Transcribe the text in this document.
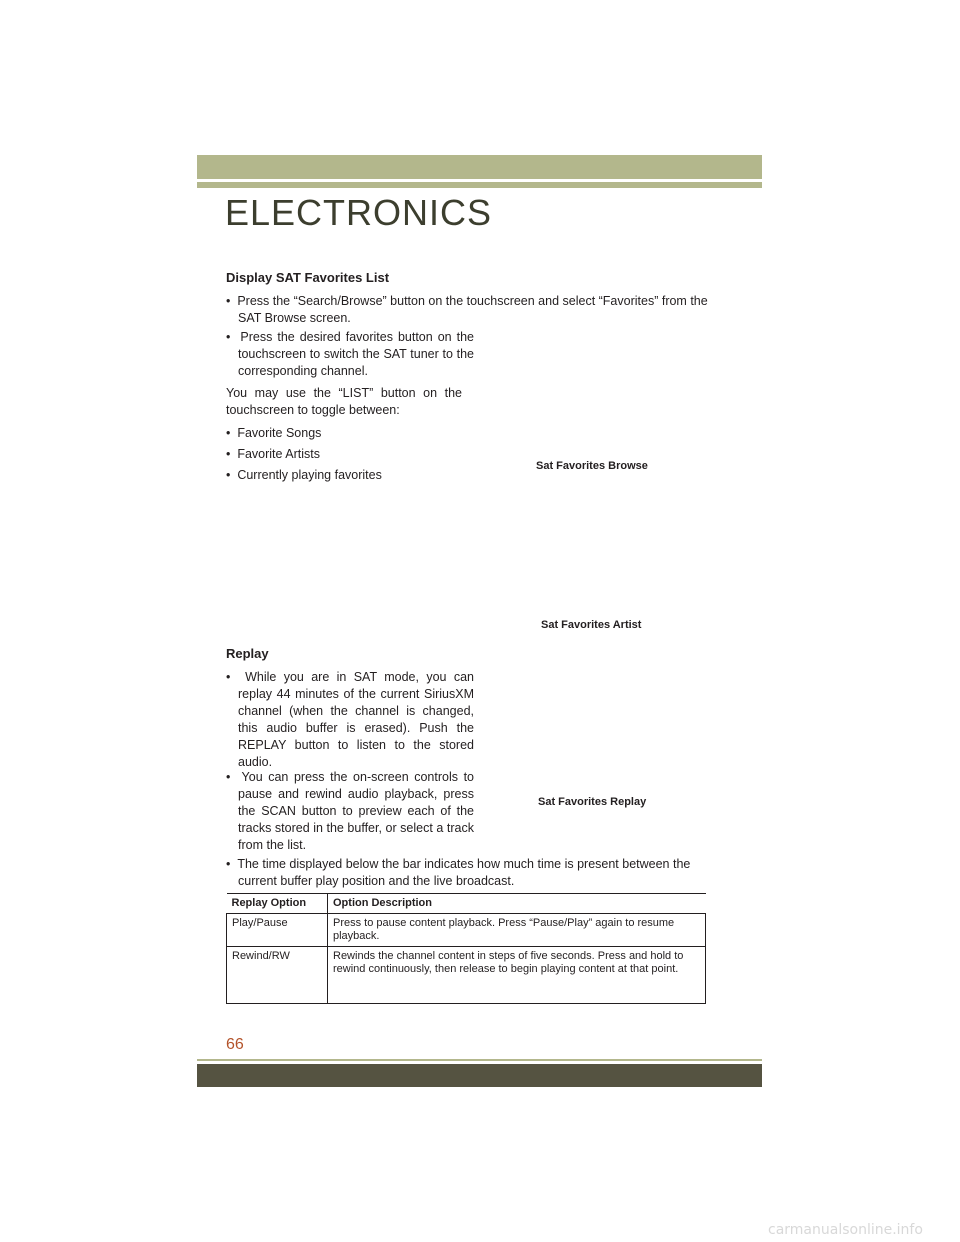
ELECTRONICS
Display SAT Favorites List
•  Press the “Search/Browse” button on the touchscreen and select “Favorites” from the SAT Browse screen.
•  Press the desired favorites button on the touchscreen to switch the SAT tuner to the corresponding channel.
You may use the “LIST” button on the touchscreen to toggle between:
•  Favorite Songs
•  Favorite Artists
•  Currently playing favorites
Sat Favorites Browse
Sat Favorites Artist
Replay
•  While you are in SAT mode, you can replay 44 minutes of the current SiriusXM channel (when the channel is changed, this audio buffer is erased). Push the REPLAY button to listen to the stored audio.
•  You can press the on-screen controls to pause and rewind audio playback, press the SCAN button to preview each of the tracks stored in the buffer, or select a track from the list.
Sat Favorites Replay
•  The time displayed below the bar indicates how much time is present between the current buffer play position and the live broadcast.
Replay Option	Option Description
Play/Pause	Press to pause content playback. Press “Pause/Play” again to resume playback.
Rewind/RW	Rewinds the channel content in steps of five seconds. Press and hold to rewind continuously, then release to begin playing content at that point.
66
carmanualsonline.info
